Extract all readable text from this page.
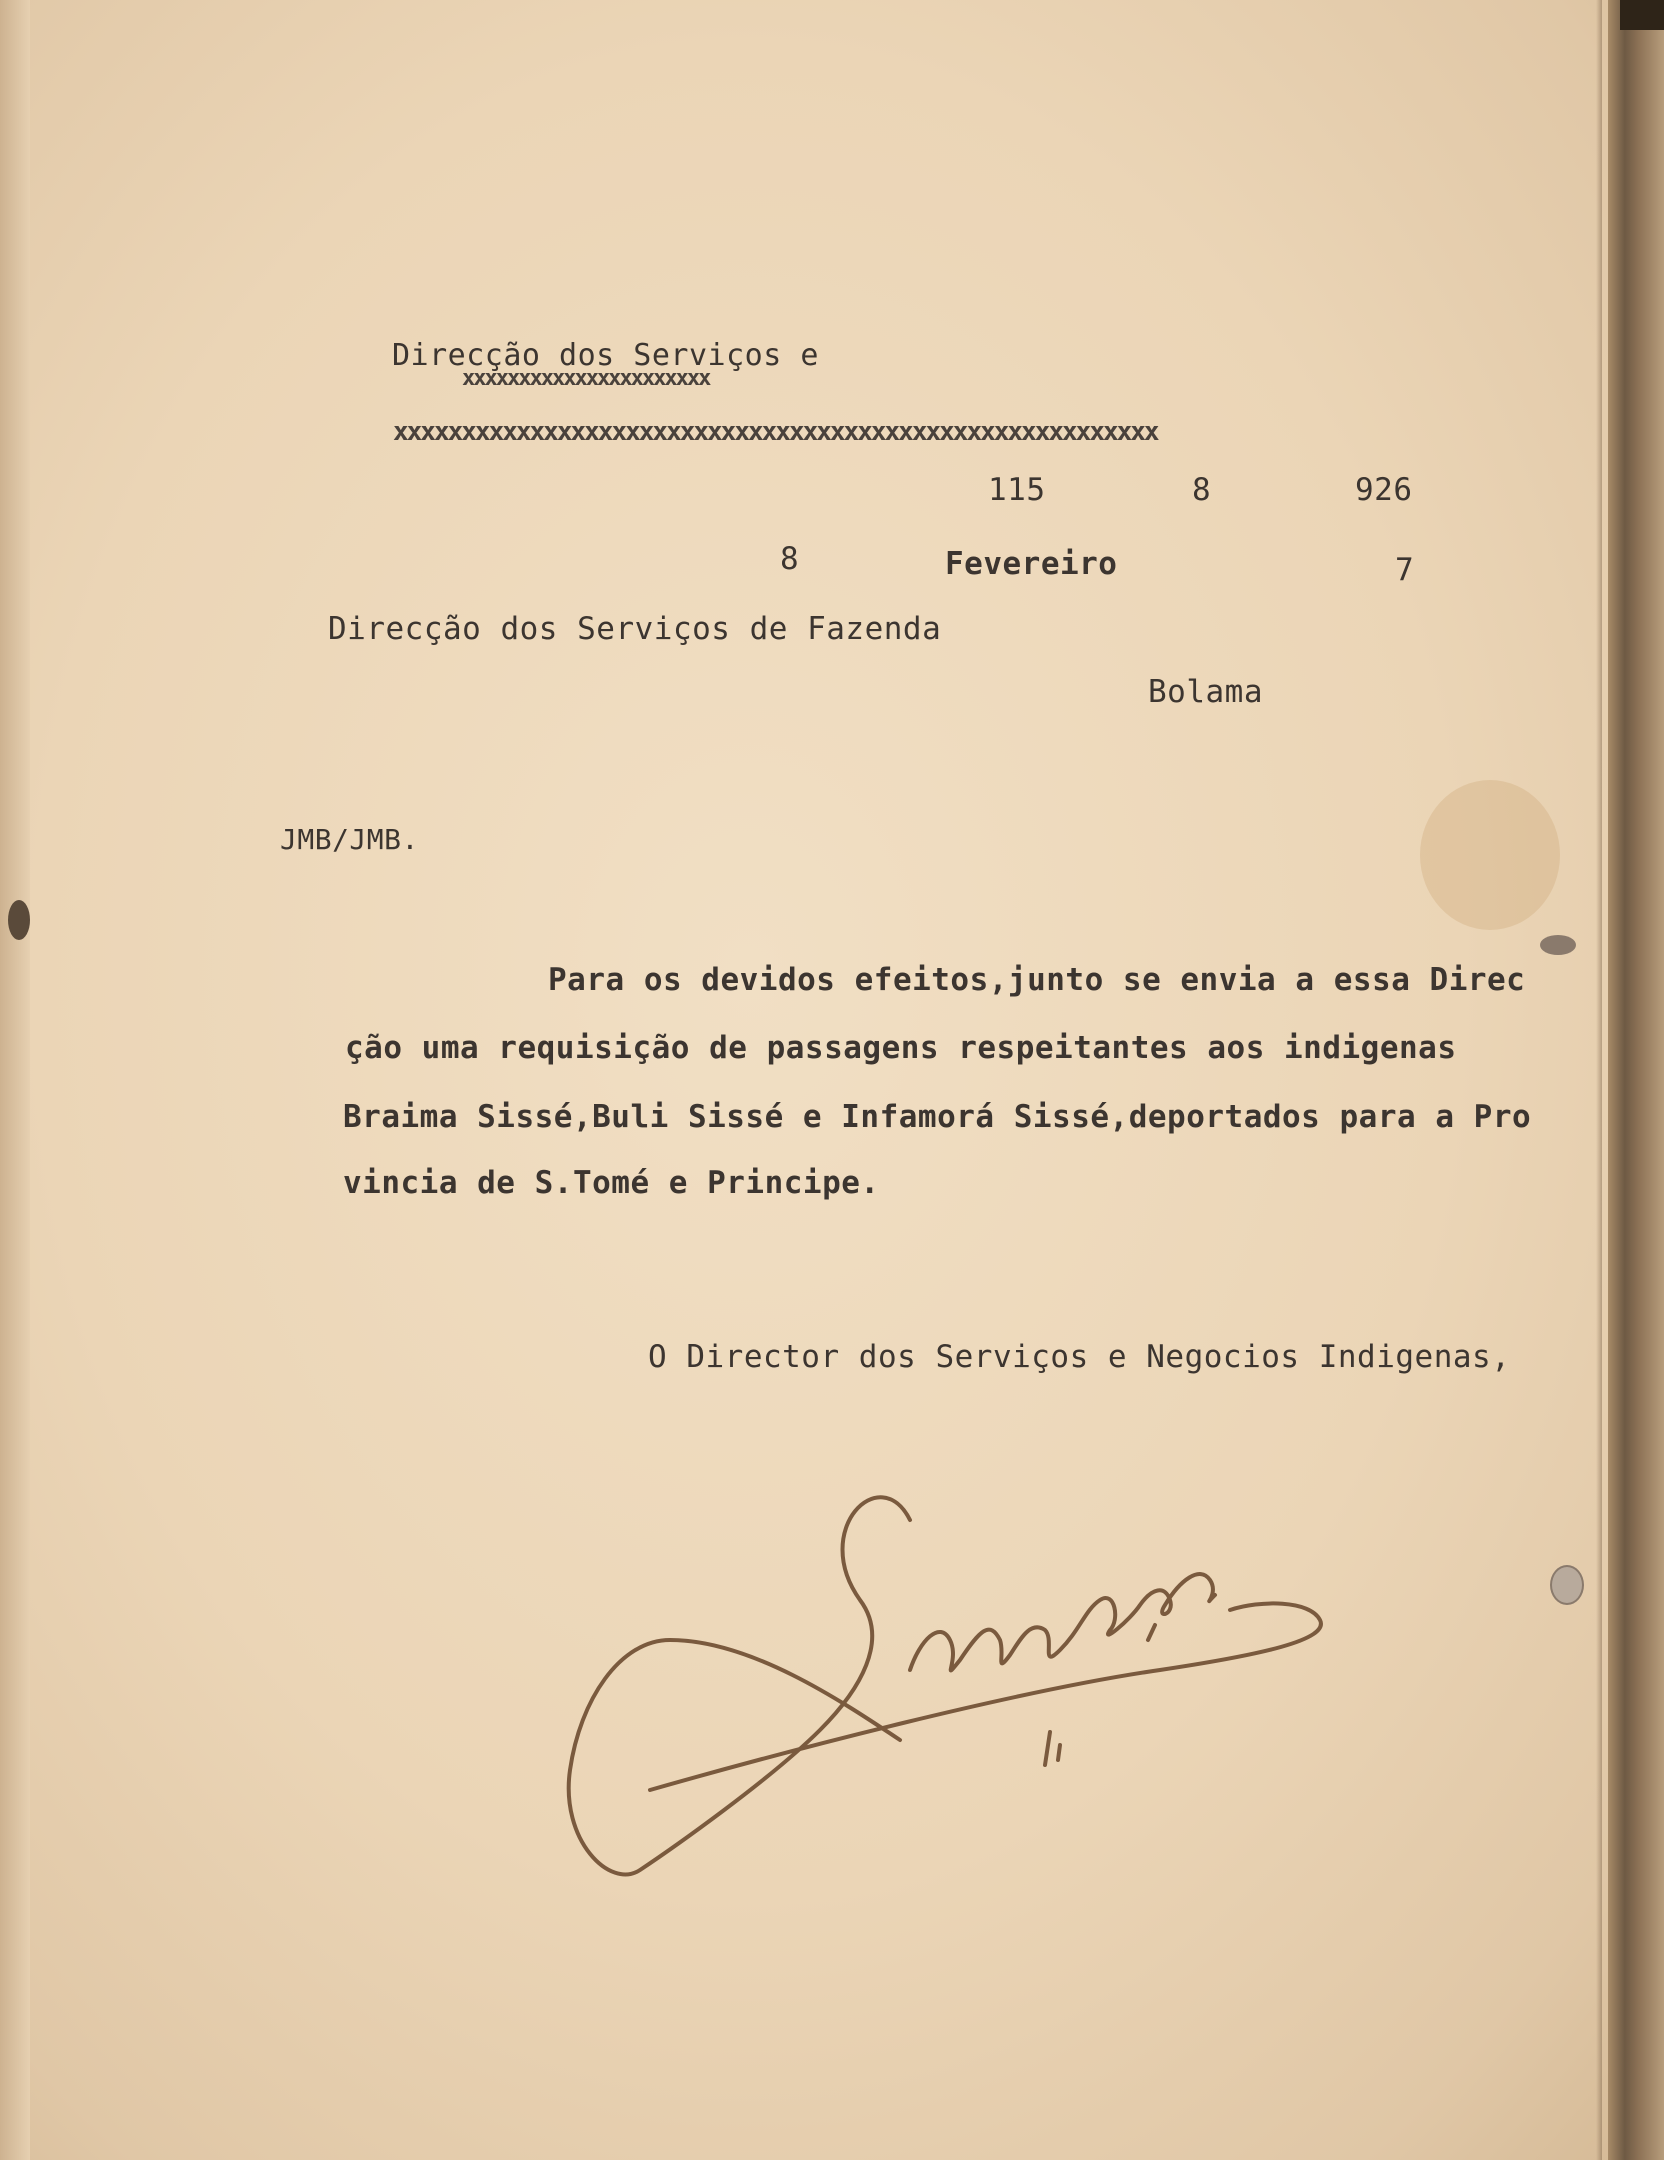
Direcção dos Serviços e
xxxxxxxxxxxxxxxxxxxxxx
xxxxxxxxxxxxxxxxxxxxxxxxxxxxxxxxxxxxxxxxxxxxxxxxxxxxxxxx
115	8	926
8	Fevereiro	7
Direcção dos Serviços de Fazenda
Bolama
JMB/JMB.
Para os devidos efeitos,junto se envia a essa Direc
ção uma requisição de passagens respeitantes aos indigenas
Braima Sissé,Buli Sissé e Infamorá Sissé,deportados para a Pro
vincia de S.Tomé e Principe.
O Director dos Serviços e Negocios Indigenas,
